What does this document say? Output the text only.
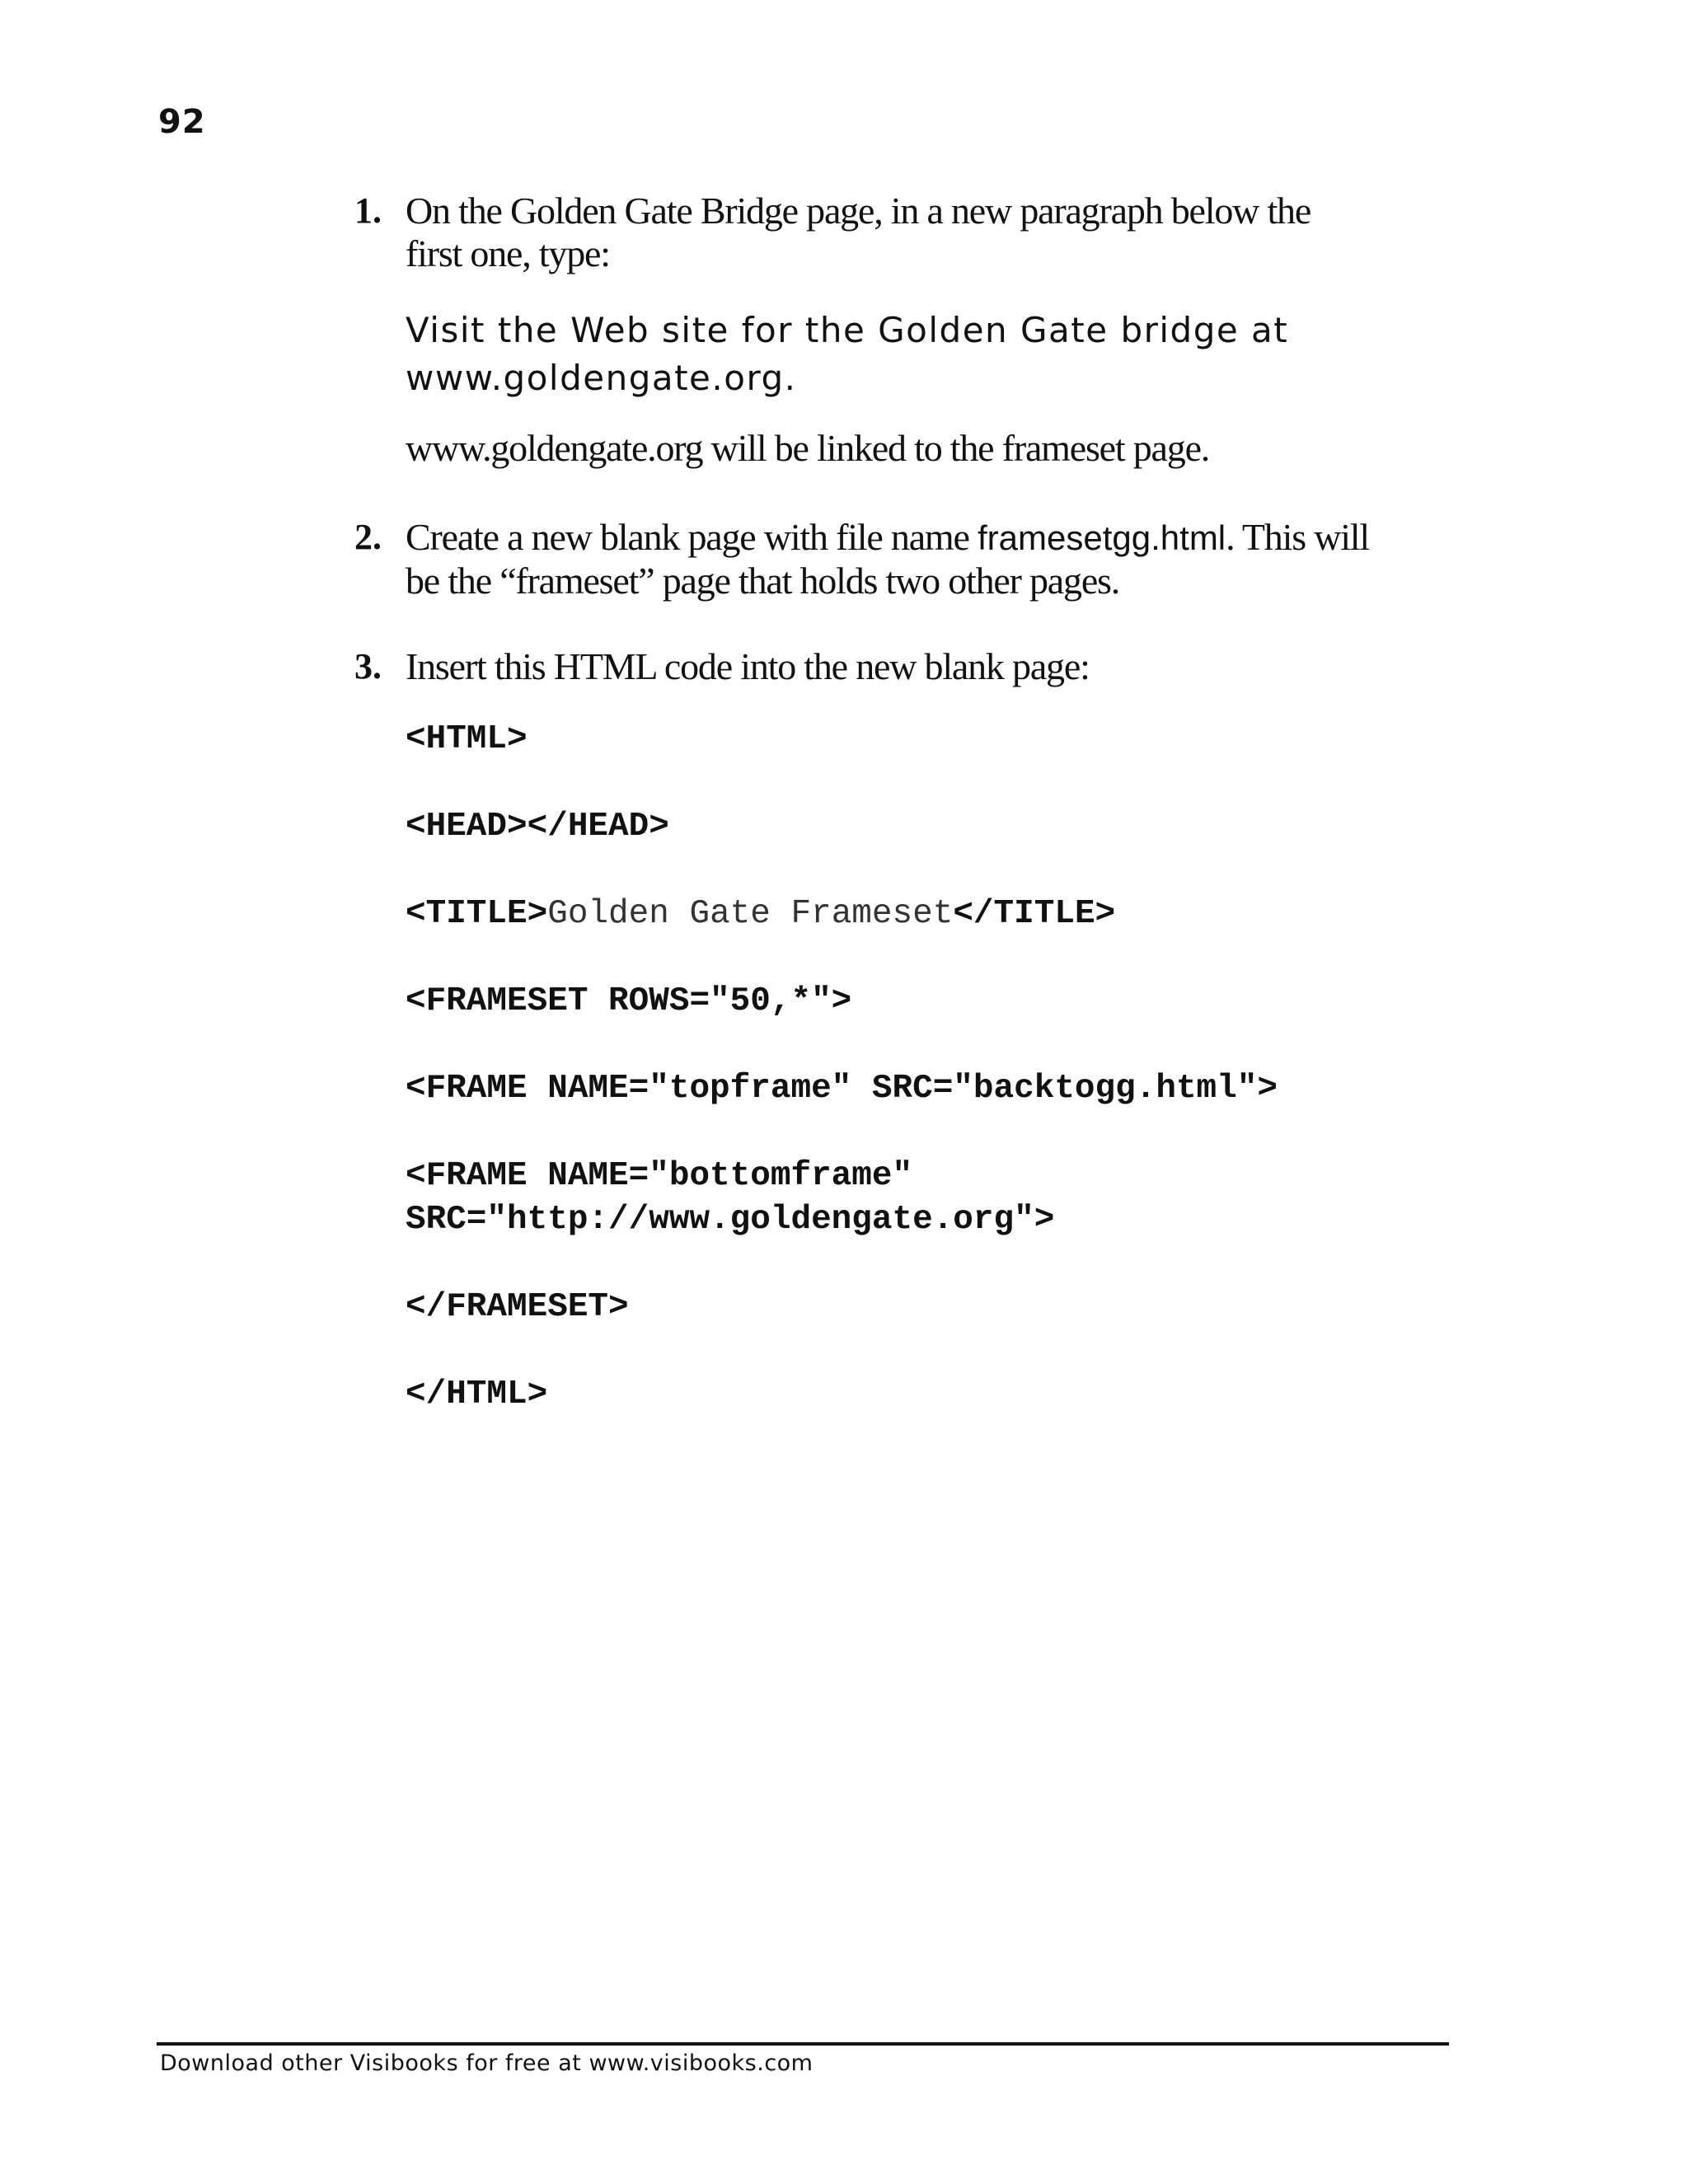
92
1. On the Golden Gate Bridge page, in a new paragraph below the
first one, type:
Visit the Web site for the Golden Gate bridge at
www.goldengate.org.
www.goldengate.org will be linked to the frameset page.
2. Create a new blank page with file name framesetgg.html. This will
be the “frameset” page that holds two other pages.
3. Insert this HTML code into the new blank page:
<HTML>
<HEAD></HEAD>
<TITLE>Golden Gate Frameset</TITLE>
<FRAMESET ROWS="50,*">
<FRAME NAME="topframe" SRC="backtogg.html">
<FRAME NAME="bottomframe"
SRC="http://www.goldengate.org">
</FRAMESET>
</HTML>
Download other Visibooks for free at www.visibooks.com
